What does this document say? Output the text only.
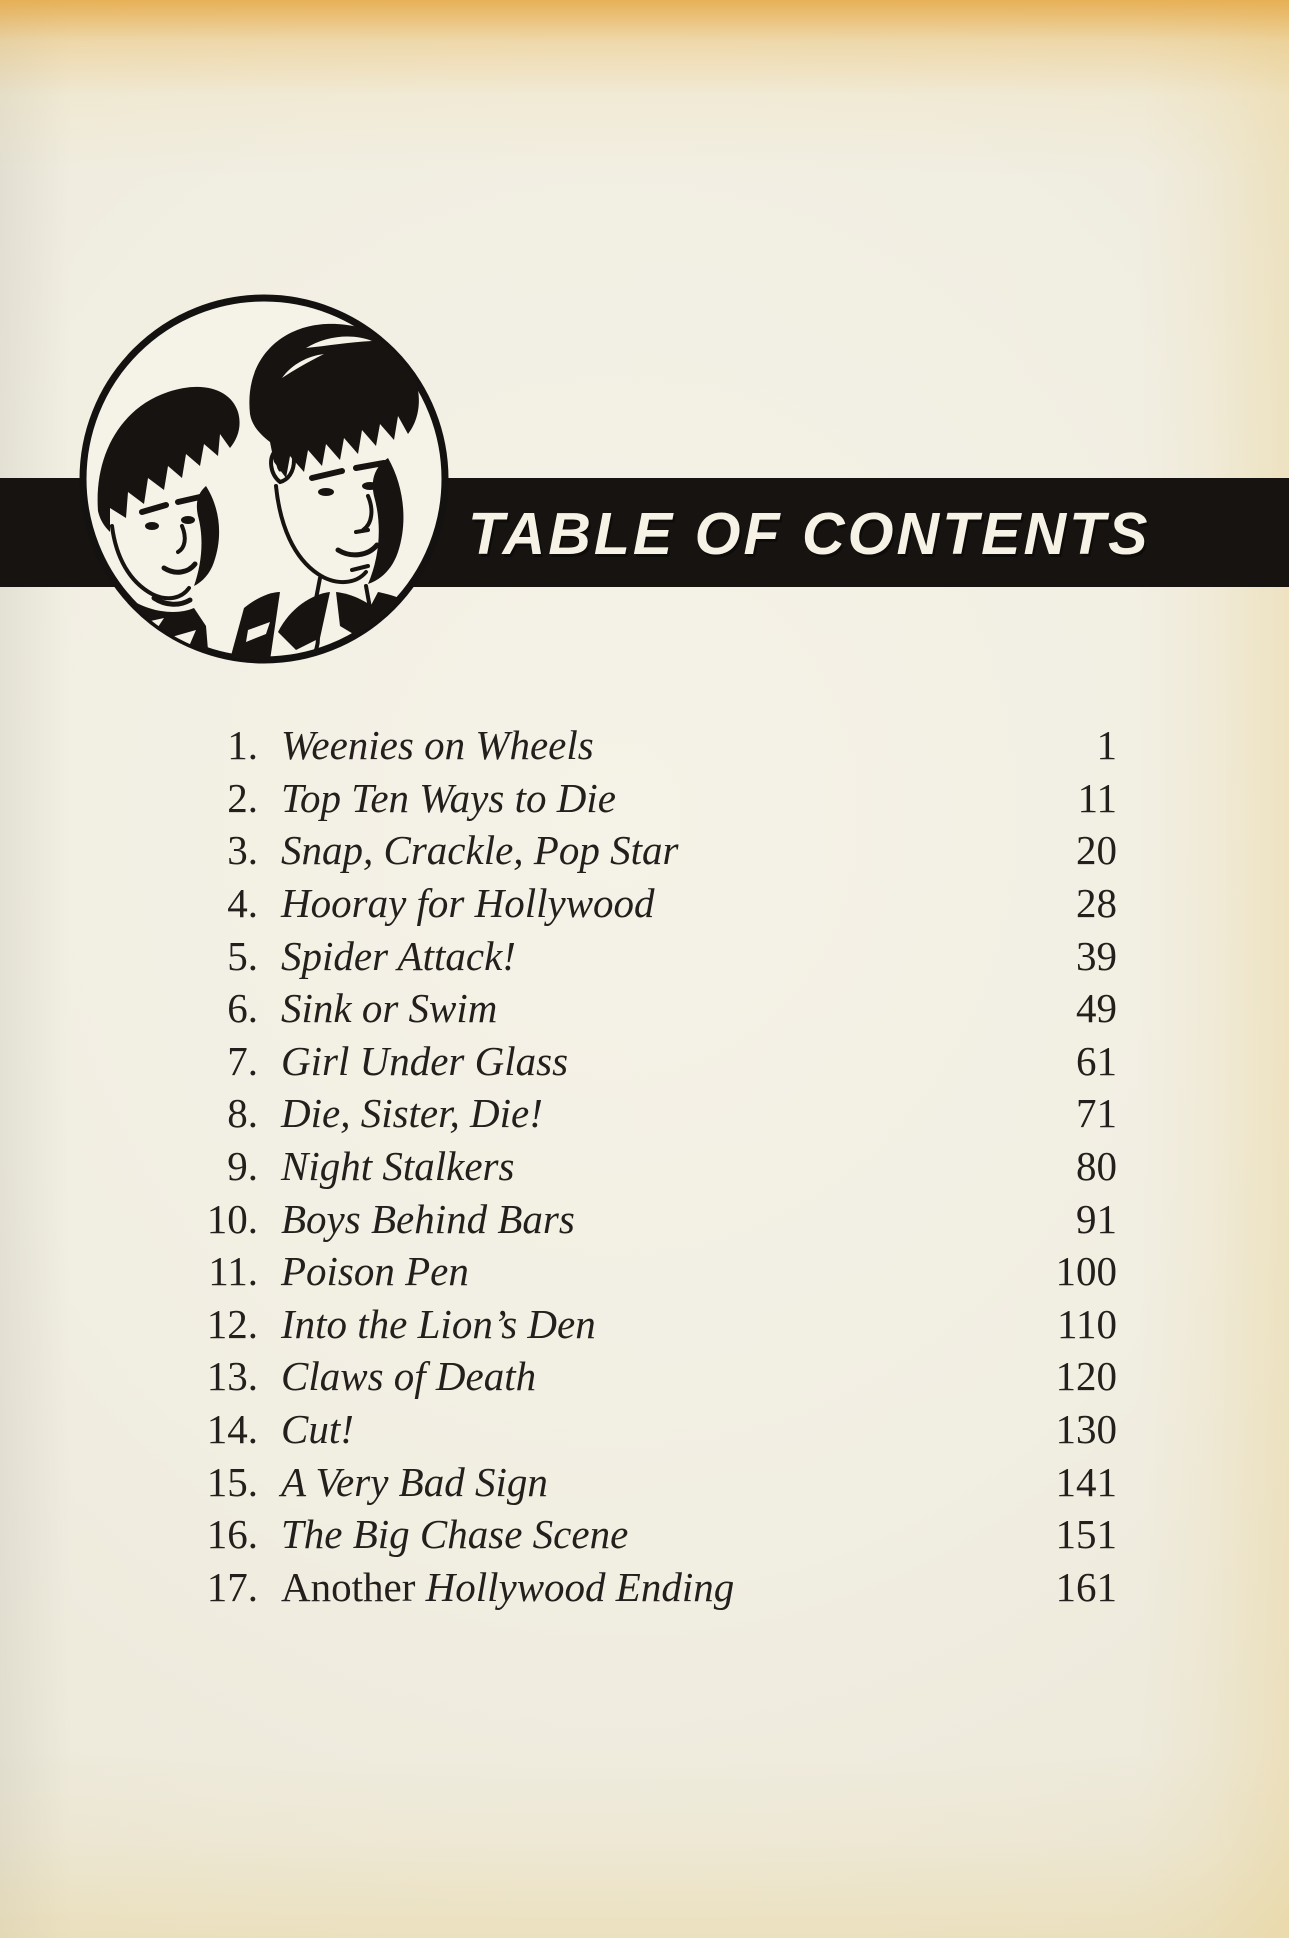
TABLE OF CONTENTS
1. Weenies on Wheels	1
2. Top Ten Ways to Die	11
3. Snap, Crackle, Pop Star	20
4. Hooray for Hollywood	28
5. Spider Attack!	39
6. Sink or Swim	49
7. Girl Under Glass	61
8. Die, Sister, Die!	71
9. Night Stalkers	80
10. Boys Behind Bars	91
11. Poison Pen	100
12. Into the Lion’s Den	110
13. Claws of Death	120
14. Cut!	130
15. A Very Bad Sign	141
16. The Big Chase Scene	151
17. Another Hollywood Ending	161
